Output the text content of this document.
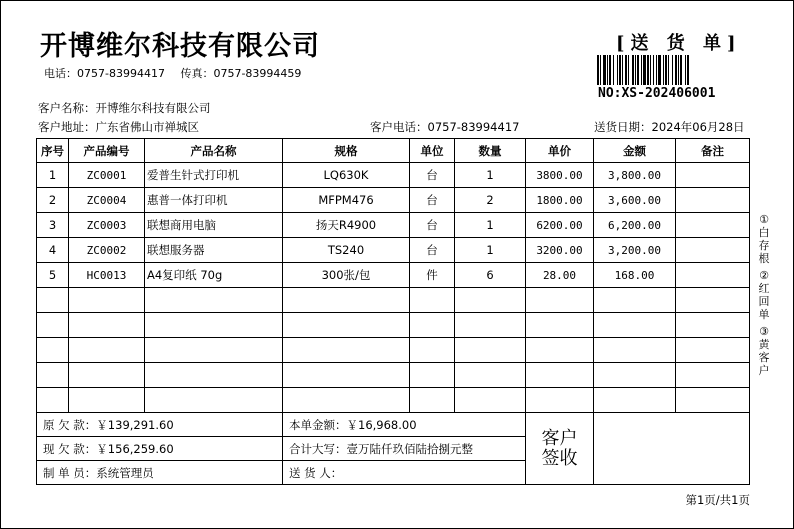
开博维尔科技有限公司
电话：0757-83994417 传真：0757-83994459
[送 货 单]
NO:XS-202406001
客户名称：开博维尔科技有限公司
客户地址：广东省佛山市禅城区	客户电话：0757-83994417	送货日期：2024年06月28日
序号	产品编号	产品名称	规格	单位	数量	单价	金额	备注
1	ZC0001	爱普生针式打印机	LQ630K	台	1	3800.00	3,800.00	
2	ZC0004	惠普一体打印机	MFPM476	台	2	1800.00	3,600.00	
3	ZC0003	联想商用电脑	扬天R4900	台	1	6200.00	6,200.00	
4	ZC0002	联想服务器	TS240	台	1	3200.00	3,200.00	
5	HC0013	A4复印纸 70g	300张/包	件	6	28.00	168.00	

原 欠 款：￥139,291.60	本单金额：￥16,968.00	客户
签收	

现 欠 款：￥156,259.60	合计大写：壹万陆仟玖佰陆拾捌元整		
制 单 员：系统管理员	送 货 人：		
①白 存根
②红 回单
③黄 客户
第1页/共1页
